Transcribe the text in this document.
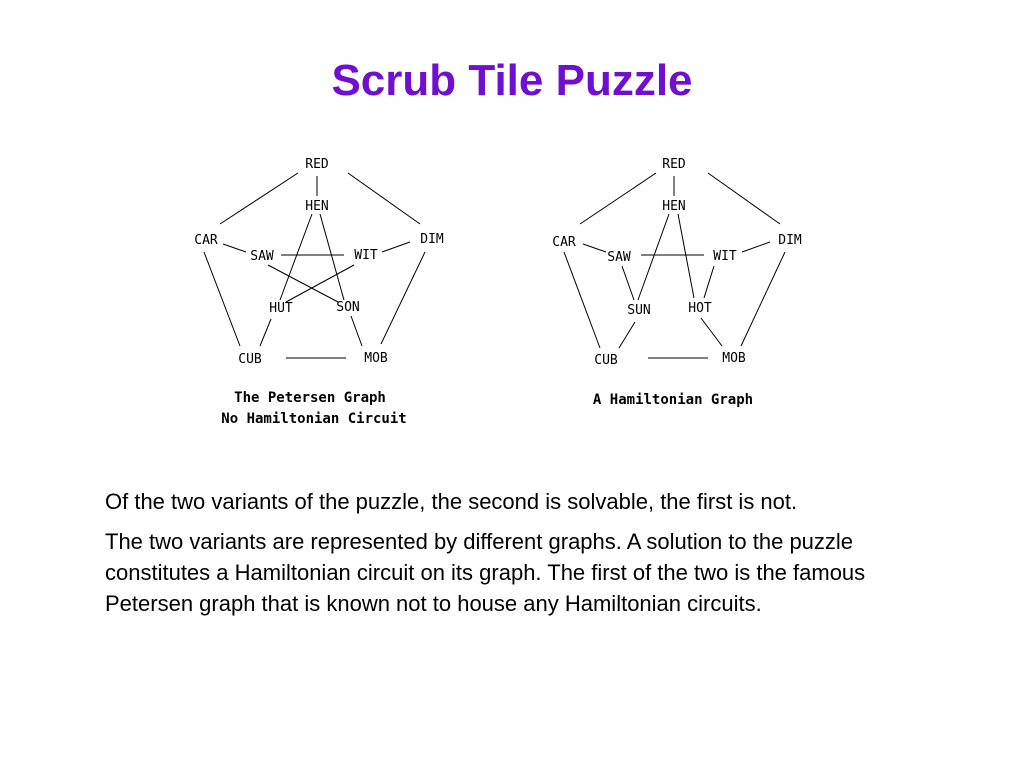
Scrub Tile Puzzle
RED
HEN
CAR
SAW	WIT
DIM
HUT	SON
CUB	MOB
The Petersen Graph
No Hamiltonian Circuit
RED
HEN
CAR
SAW	WIT
DIM
SUN	HOT
CUB	MOB
A Hamiltonian Graph

Of the two variants of the puzzle, the second is solvable, the first is not.

The two variants are represented by different graphs. A solution to the puzzle constitutes a Hamiltonian circuit on its graph. The first of the two is the famous Petersen graph that is known not to house any Hamiltonian circuits.
